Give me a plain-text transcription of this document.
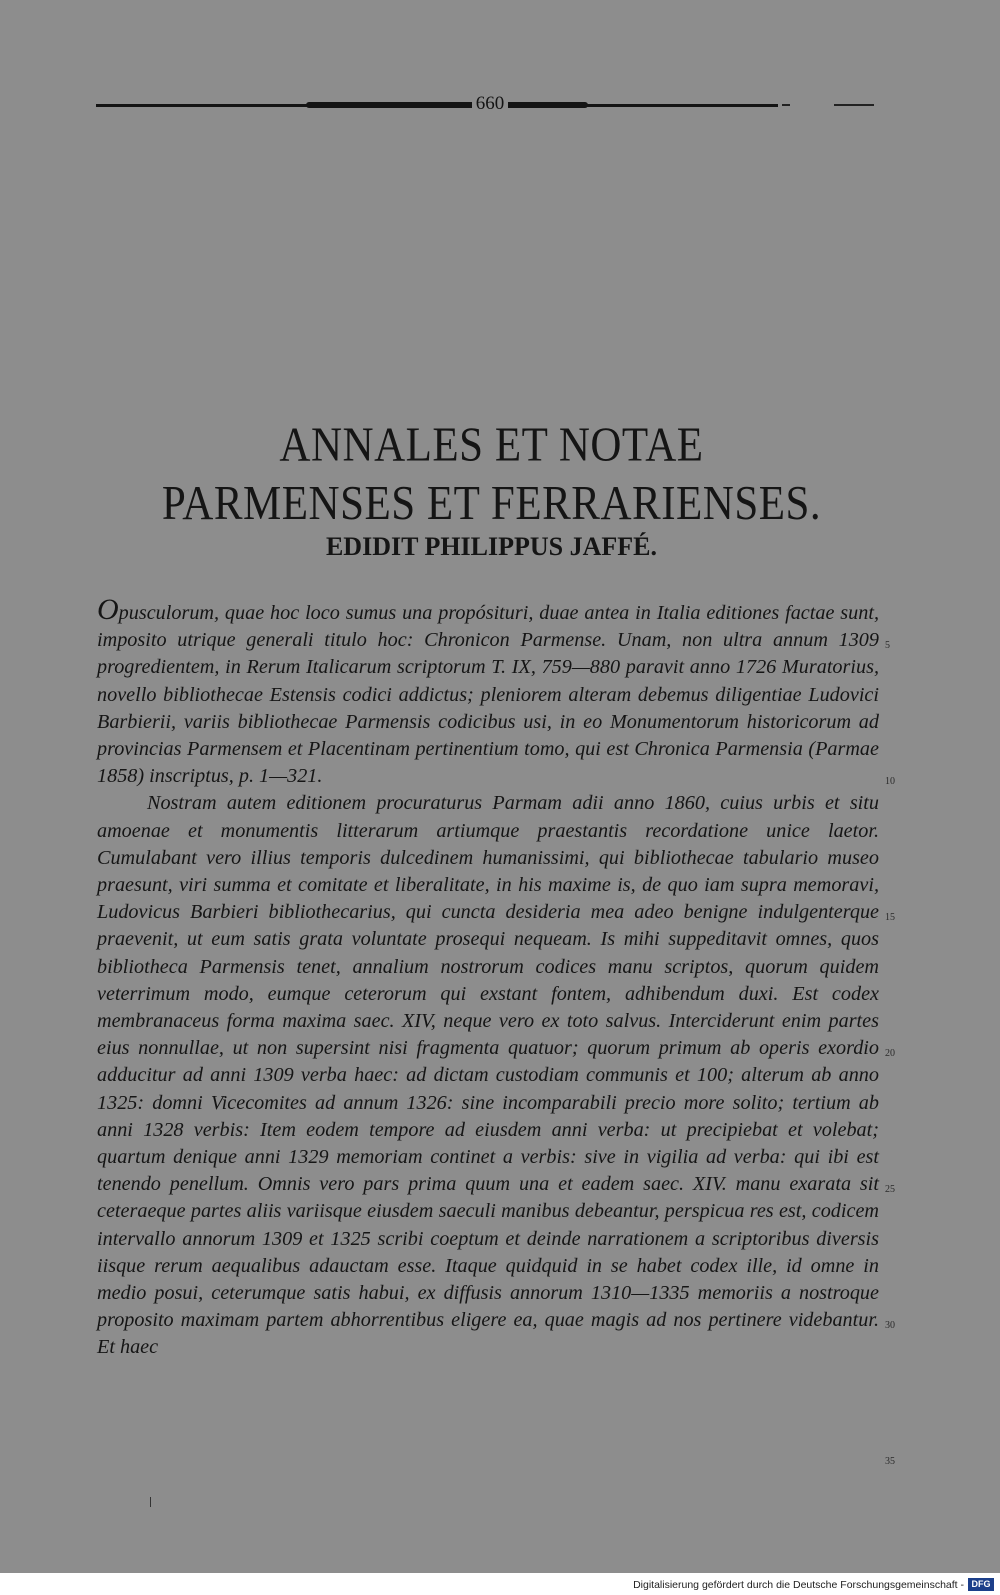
660
ANNALES ET NOTAE
PARMENSES ET FERRARIENSES.
EDIDIT PHILIPPUS JAFFÉ.

Opusculorum, quae hoc loco sumus una propósituri, duae antea in Italia editiones factae sunt, imposito utrique generali titulo hoc: Chronicon Parmense. Unam, non ultra annum 1309 progredientem, in Rerum Italicarum scriptorum T. IX, 759—880 paravit anno 1726 Muratorius, novello bibliothecae Estensis codici addictus; pleniorem alteram debemus diligentiae Ludovici Barbierii, variis bibliothecae Parmensis codicibus usi, in eo Monumentorum historicorum ad provincias Parmensem et Placentinam pertinentium tomo, qui est Chronica Parmensia (Parmae 1858) inscriptus, p. 1—321.

Nostram autem editionem procuraturus Parmam adii anno 1860, cuius urbis et situ amoenae et monumentis litterarum artiumque praestantis recordatione unice laetor. Cumulabant vero illius temporis dulcedinem humanissimi, qui bibliothecae tabulario museo praesunt, viri summa et comitate et liberalitate, in his maxime is, de quo iam supra memoravi, Ludovicus Barbieri bibliothecarius, qui cuncta desideria mea adeo benigne indulgenterque praevenit, ut eum satis grata voluntate prosequi nequeam. Is mihi suppeditavit omnes, quos bibliotheca Parmensis tenet, annalium nostrorum codices manu scriptos, quorum quidem veterrimum modo, eumque ceterorum qui exstant fontem, adhibendum duxi. Est codex membranaceus forma maxima saec. XIV, neque vero ex toto salvus. Interciderunt enim partes eius nonnullae, ut non supersint nisi fragmenta quatuor; quorum primum ab operis exordio adducitur ad anni 1309 verba haec: ad dictam custodiam communis et 100; alterum ab anno 1325: domni Vicecomites ad annum 1326: sine incomparabili precio more solito; tertium ab anni 1328 verbis: Item eodem tempore ad eiusdem anni verba: ut precipiebat et volebat; quartum denique anni 1329 memoriam continet a verbis: sive in vigilia ad verba: qui ibi est tenendo penellum. Omnis vero pars prima quum una et eadem saec. XIV. manu exarata sit ceteraeque partes aliis variisque eiusdem saeculi manibus debeantur, perspicua res est, codicem intervallo annorum 1309 et 1325 scribi coeptum et deinde narrationem a scriptoribus diversis iisque rerum aequalibus adauctam esse. Itaque quidquid in se habet codex ille, id omne in medio posui, ceterumque satis habui, ex diffusis annorum 1310—1335 memoriis a nostroque proposito maximam partem abhorrentibus eligere ea, quae magis ad nos pertinere videbantur. Et haec

5
10
15
20
25
30
35
Digitalisierung gefördert durch die Deutsche Forschungsgemeinschaft - DFG
